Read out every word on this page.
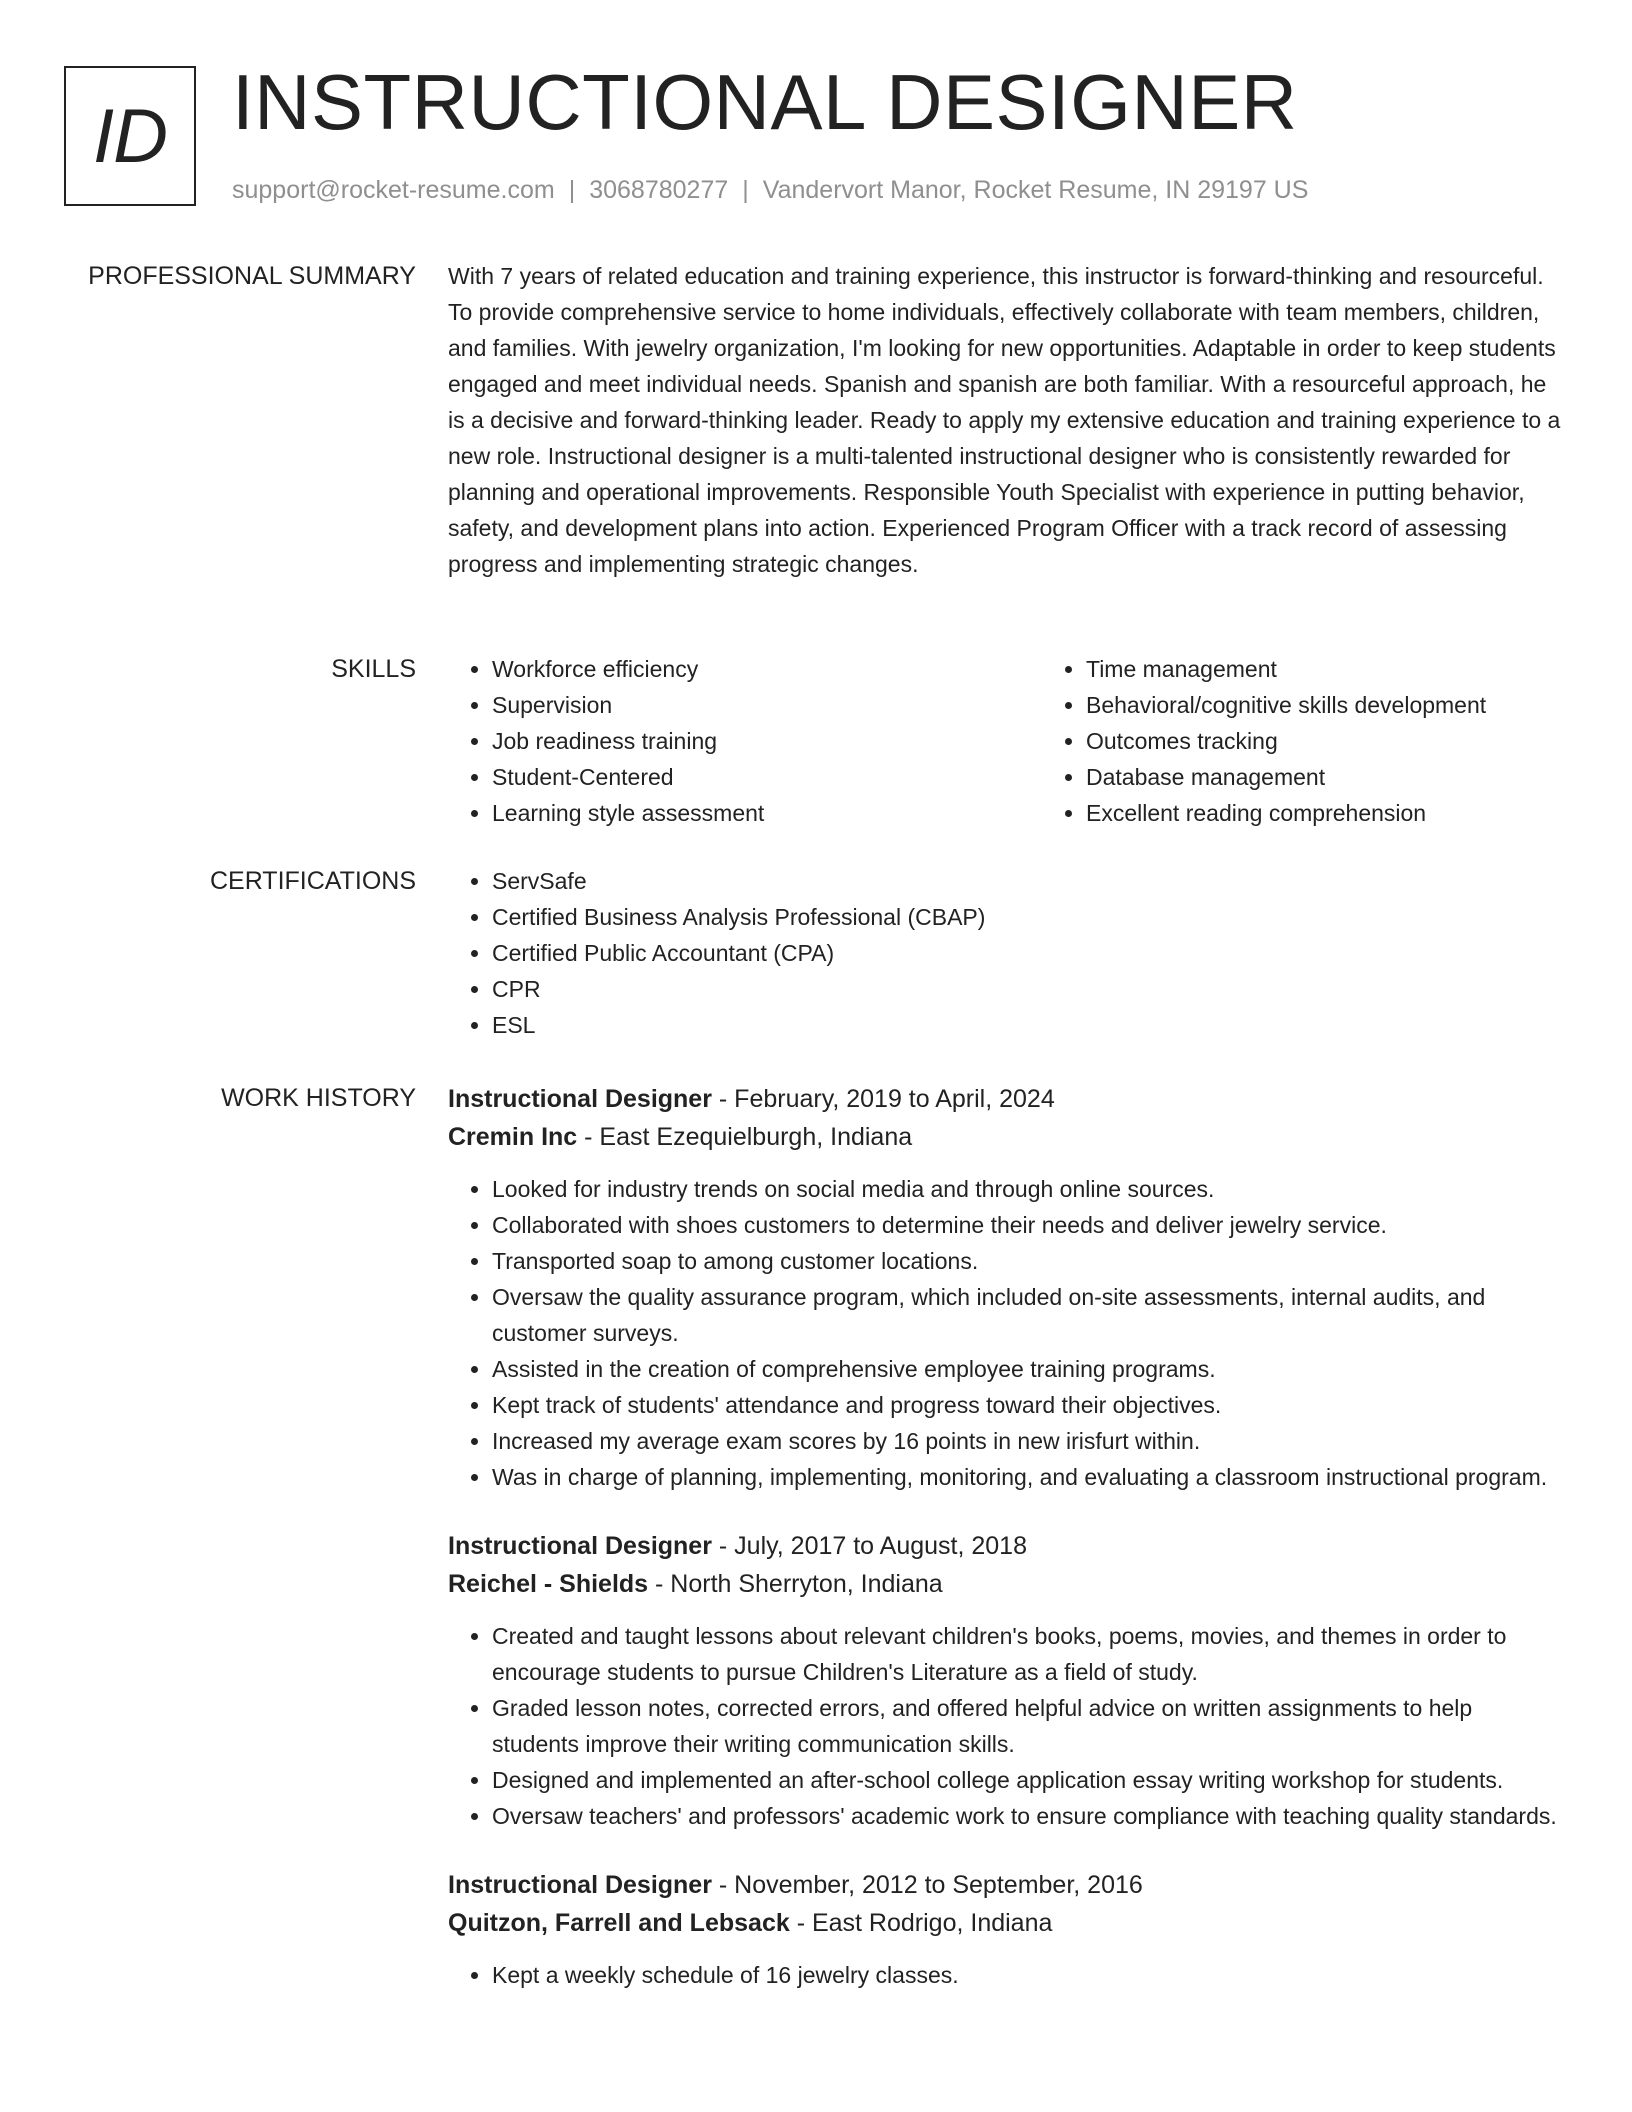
ID INSTRUCTIONAL DESIGNER
support@rocket-resume.com | 3068780277 | Vandervort Manor, Rocket Resume, IN 29197 US
PROFESSIONAL SUMMARY With 7 years of related education and training experience, this instructor is forward-thinking and resourceful. To provide comprehensive service to home individuals, effectively collaborate with team members, children, and families. With jewelry organization, I'm looking for new opportunities. Adaptable in order to keep students engaged and meet individual needs. Spanish and spanish are both familiar. With a resourceful approach, he is a decisive and forward-thinking leader. Ready to apply my extensive education and training experience to a new role. Instructional designer is a multi-talented instructional designer who is consistently rewarded for planning and operational improvements. Responsible Youth Specialist with experience in putting behavior, safety, and development plans into action. Experienced Program Officer with a track record of assessing progress and implementing strategic changes.

SKILLS	• Workforce efficiency
• Supervision
• Job readiness training
• Student-Centered
• Learning style assessment
• Time management
• Behavioral/cognitive skills development
• Outcomes tracking
• Database management
• Excellent reading comprehension
CERTIFICATIONS	• ServSafe
• Certified Business Analysis Professional (CBAP)
• Certified Public Accountant (CPA)
• CPR
• ESL
WORK HISTORY Instructional Designer - February, 2019 to April, 2024
Cremin Inc - East Ezequielburgh, Indiana
• Looked for industry trends on social media and through online sources.
• Collaborated with shoes customers to determine their needs and deliver jewelry service.
• Transported soap to among customer locations.
• Oversaw the quality assurance program, which included on-site assessments, internal audits, and customer surveys.
• Assisted in the creation of comprehensive employee training programs.
• Kept track of students' attendance and progress toward their objectives.
• Increased my average exam scores by 16 points in new irisfurt within.
• Was in charge of planning, implementing, monitoring, and evaluating a classroom instructional program.
Instructional Designer - July, 2017 to August, 2018
Reichel - Shields - North Sherryton, Indiana
• Created and taught lessons about relevant children's books, poems, movies, and themes in order to encourage students to pursue Children's Literature as a field of study.
• Graded lesson notes, corrected errors, and offered helpful advice on written assignments to help students improve their writing communication skills.
• Designed and implemented an after-school college application essay writing workshop for students.
• Oversaw teachers' and professors' academic work to ensure compliance with teaching quality standards.
Instructional Designer - November, 2012 to September, 2016
Quitzon, Farrell and Lebsack - East Rodrigo, Indiana
• Kept a weekly schedule of 16 jewelry classes.
